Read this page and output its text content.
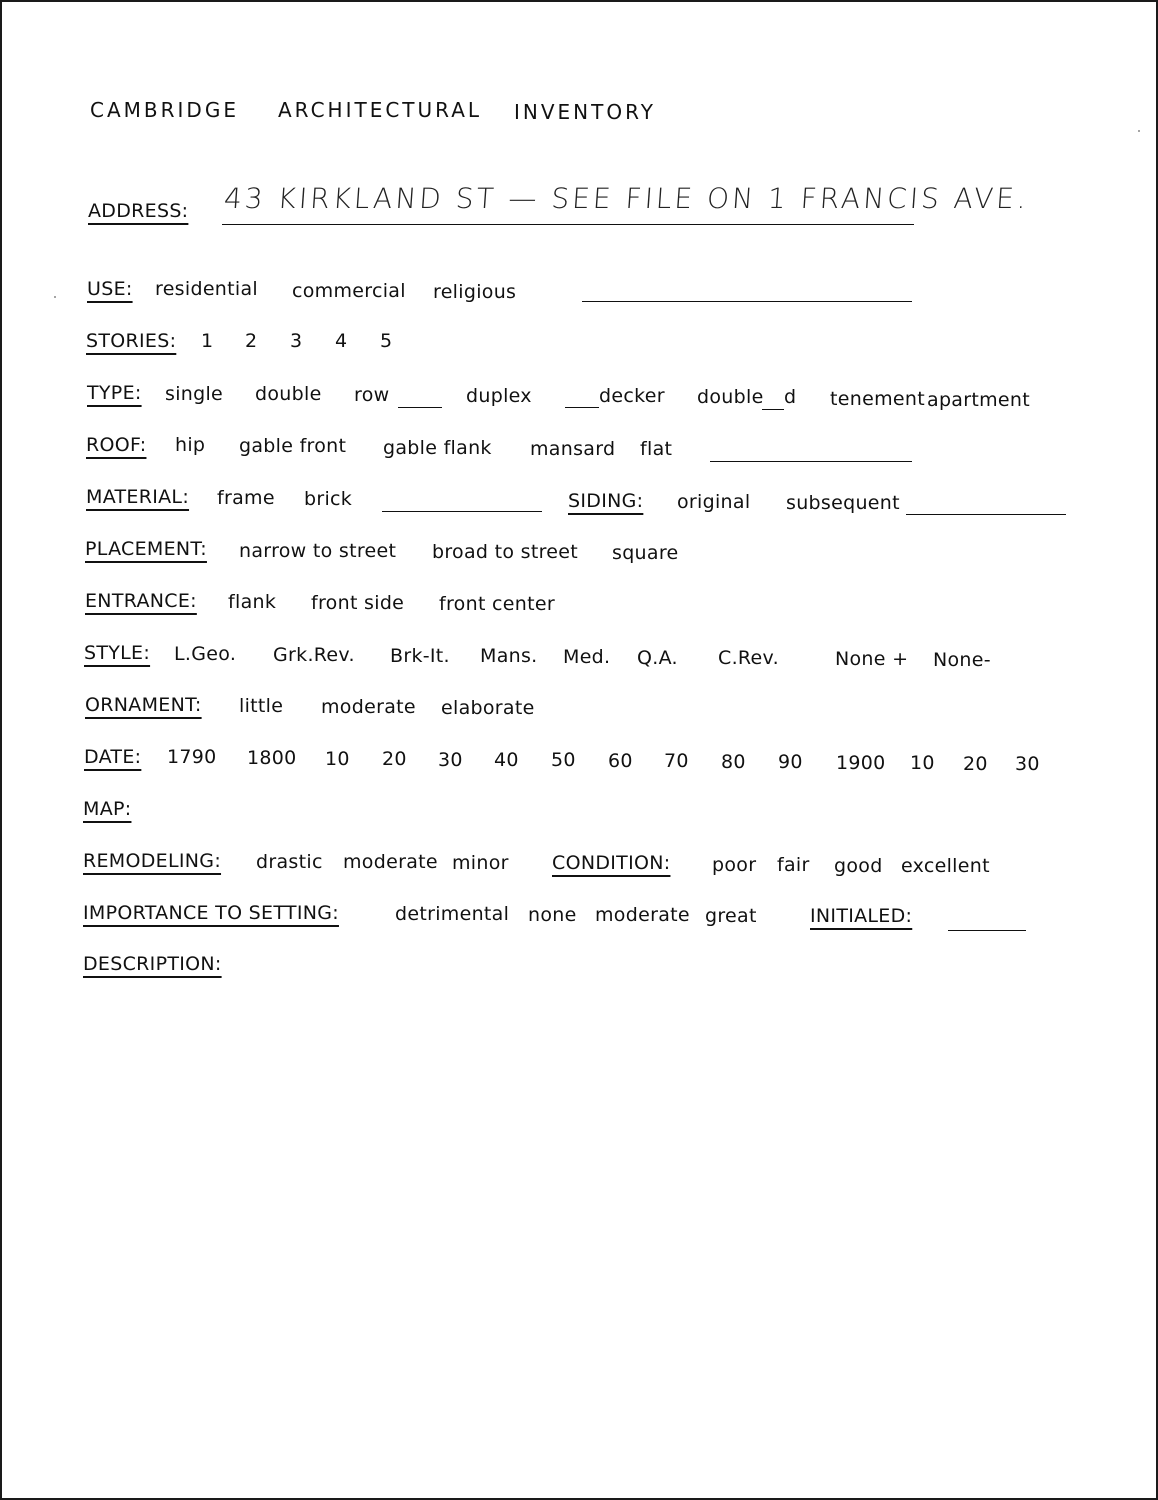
CAMBRIDGE ARCHITECTURAL INVENTORY
ADDRESS: 43 KIRKLAND ST — SEE FILE ON 1 FRANCIS AVE.
USE: residential commercial religious
STORIES: 1 2 3 4 5
TYPE: single double row	duplex	decker double d tenement apartment
ROOF: hip gable front gable flank mansard flat
MATERIAL: frame brick	SIDING: original subsequent
PLACEMENT: narrow to street broad to street square
ENTRANCE: flank front side front center
STYLE: L.Geo. Grk.Rev. Brk-It. Mans. Med. Q.A. C.Rev.	None + None-
ORNAMENT: little moderate elaborate
DATE: 1790 1800 10 20 30 40 50 60 70 80 90 1900 10 20 30
MAP:
REMODELING: drastic moderate minor CONDITION: poor fair good excellent
IMPORTANCE TO SETTING:	detrimental none moderate great	INITIALED:
DESCRIPTION:
